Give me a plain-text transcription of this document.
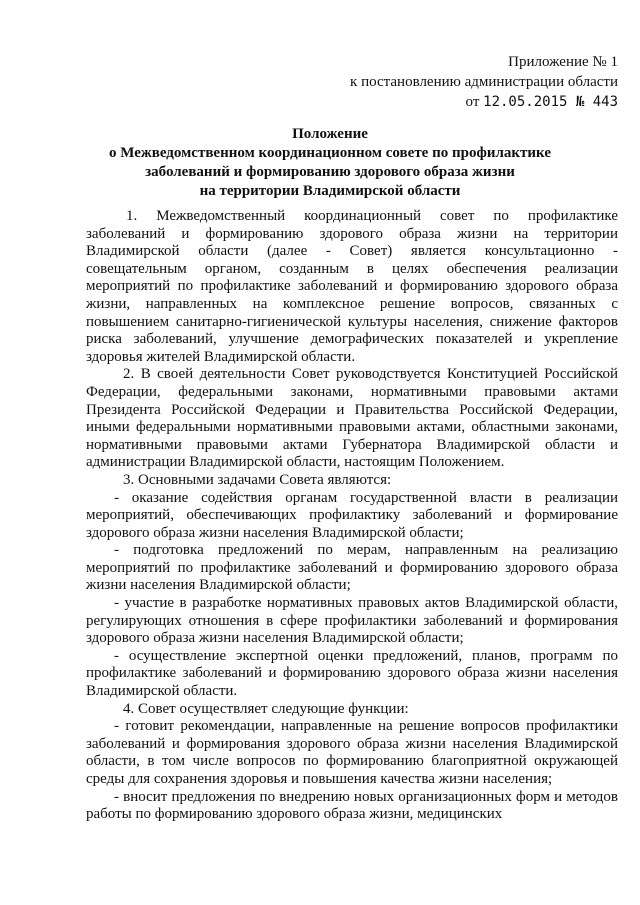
Приложение № 1
к постановлению администрации области
от 12.05.2015 № 443
Положение
о Межведомственном координационном совете по профилактике
заболеваний и формированию здорового образа жизни
на территории Владимирской области

1. Межведомственный координационный совет по профилактике заболеваний и формированию здорового образа жизни на территории Владимирской области (далее - Совет) является консультационно - совещательным органом, созданным в целях обеспечения реализации мероприятий по профилактике заболеваний и формированию здорового образа жизни, направленных на комплексное решение вопросов, связанных с повышением санитарно-гигиенической культуры населения, снижение факторов риска заболеваний, улучшение демографических показателей и укрепление здоровья жителей Владимирской области.

2. В своей деятельности Совет руководствуется Конституцией Российской Федерации, федеральными законами, нормативными правовыми актами Президента Российской Федерации и Правительства Российской Федерации, иными федеральными нормативными правовыми актами, областными законами, нормативными правовыми актами Губернатора Владимирской области и администрации Владимирской области, настоящим Положением.

3. Основными задачами Совета являются:

- оказание содействия органам государственной власти в реализации мероприятий, обеспечивающих профилактику заболеваний и формирование здорового образа жизни населения Владимирской области;

- подготовка предложений по мерам, направленным на реализацию мероприятий по профилактике заболеваний и формированию здорового образа жизни населения Владимирской области;

- участие в разработке нормативных правовых актов Владимирской области, регулирующих отношения в сфере профилактики заболеваний и формирования здорового образа жизни населения Владимирской области;

- осуществление экспертной оценки предложений, планов, программ по профилактике заболеваний и формированию здорового образа жизни населения Владимирской области.

4. Совет осуществляет следующие функции:

- готовит рекомендации, направленные на решение вопросов профилактики заболеваний и формирования здорового образа жизни населения Владимирской области, в том числе вопросов по формированию благоприятной окружающей среды для сохранения здоровья и повышения качества жизни населения;

- вносит предложения по внедрению новых организационных форм и методов работы по формированию здорового образа жизни, медицинских
